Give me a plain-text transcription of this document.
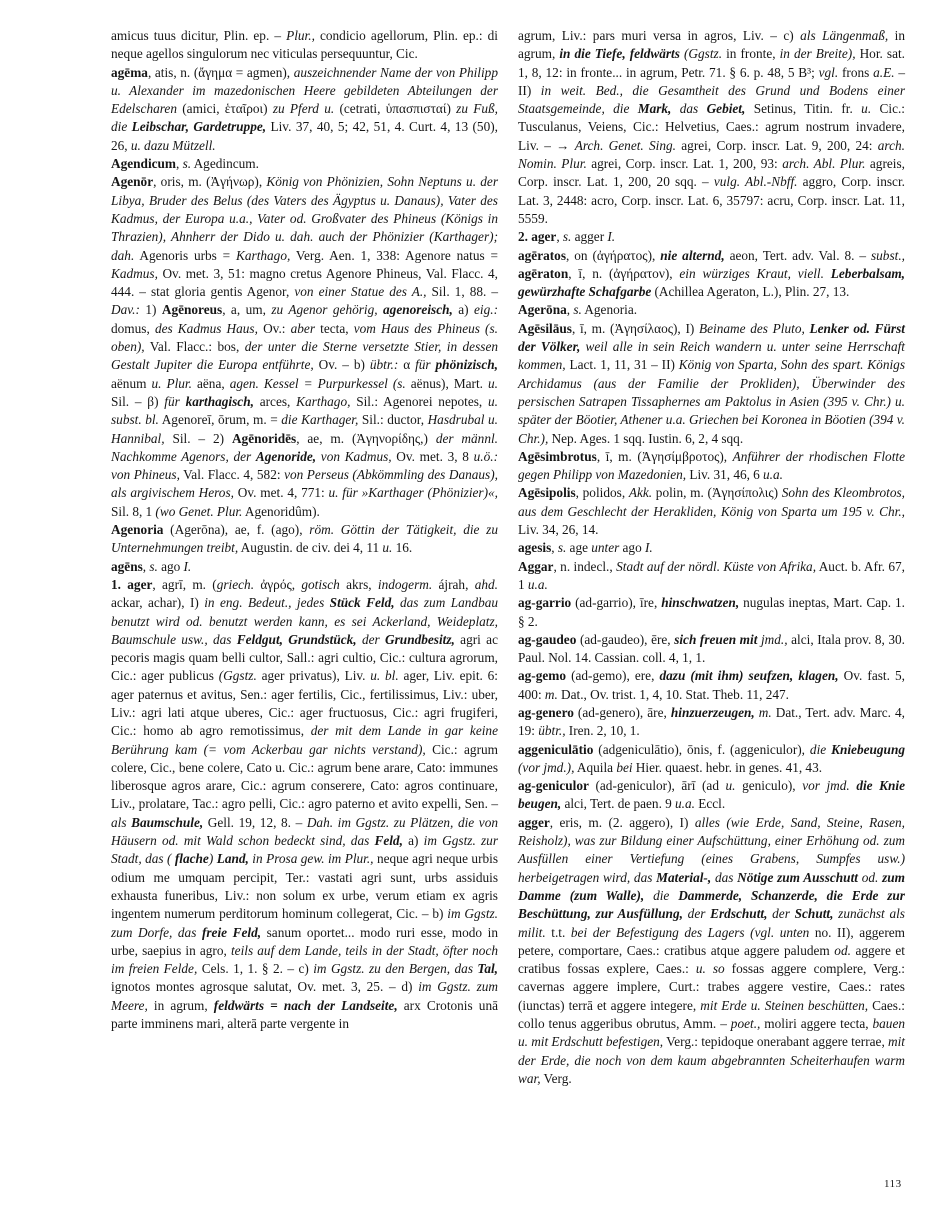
amicus tuus dicitur, Plin. ep. – Plur., condicio agellorum, Plin. ep.: di neque agellos singulorum nec viticulas persequuntur, Cic.

agēma, atis, n. (ἄγημα = agmen), auszeichnender Name der von Philipp u. Alexander im mazedonischen Heere gebildeten Abteilungen der Edelscharen (amici, ἑταῖροι) zu Pferd u. (cetrati, ὑπασπισταί) zu Fuß, die Leibschar, Gardetruppe, Liv. 37, 40, 5; 42, 51, 4. Curt. 4, 13 (50), 26, u. dazu Mützell.

Agendicum, s. Agedincum.

Agenōr, oris, m. (Ἀγήνωρ), König von Phönizien, Sohn Neptuns u. der Libya, Bruder des Belus (des Vaters des Ägyptus u. Danaus), Vater des Kadmus, der Europa u.a., Vater od. Großvater des Phineus (Königs in Thrazien), Ahnherr der Dido u. dah. auch der Phönizier (Karthager); dah. Agenoris urbs = Karthago, Verg. Aen. 1, 338: Agenore natus = Kadmus, Ov. met. 3, 51: magno cretus Agenore Phineus, Val. Flacc. 4, 444. – stat gloria gentis Agenor, von einer Statue des A., Sil. 1, 88. – Dav.: 1) Agēnoreus, a, um, zu Agenor gehörig, agenoreisch, a) eig.: domus, des Kadmus Haus, Ov.: aber tecta, vom Haus des Phineus (s. oben), Val. Flacc.: bos, der unter die Sterne versetzte Stier, in dessen Gestalt Jupiter die Europa entführte, Ov. – b) übtr.: α für phönizisch, aënum u. Plur. aëna, agen. Kessel = Purpurkessel (s. aënus), Mart. u. Sil. – β) für karthagisch, arces, Karthago, Sil.: Agenorei nepotes, u. subst. bl. Agenoreī, ōrum, m. = die Karthager, Sil.: ductor, Hasdrubal u. Hannibal, Sil. – 2) Agēnoridēs, ae, m. (Ἀγηνορίδης,) der männl. Nachkomme Agenors, der Agenoride, von Kadmus, Ov. met. 3, 8 u.ö.: von Phineus, Val. Flacc. 4, 582: von Perseus (Abkömmling des Danaus), als argivischem Heros, Ov. met. 4, 771: u. für »Karthager (Phönizier)«, Sil. 8, 1 (wo Genet. Plur. Agenoridûm).

Agenoria (Agerōna), ae, f. (ago), röm. Göttin der Tätigkeit, die zu Unternehmungen treibt, Augustin. de civ. dei 4, 11 u. 16.

agēns, s. ago I.

1. ager, agrī, m. (griech. ἀγρός, gotisch akrs, indogerm. ájrah, ahd. ackar, achar), I) in eng. Bedeut., jedes Stück Feld, das zum Landbau benutzt wird od. benutzt werden kann, es sei Ackerland, Weideplatz, Baumschule usw., das Feldgut, Grundstück, der Grundbesitz, agri ac pecoris magis quam belli cultor, Sall.: agri cultio, Cic.: cultura agrorum, Cic.: ager publicus (Ggstz. ager privatus), Liv. u. bl. ager, Liv. epit. 6: ager paternus et avitus, Sen.: ager fertilis, Cic., fertilissimus, Liv.: uber, Liv.: agri lati atque uberes, Cic.: ager fructuosus, Cic.: agri frugiferi, Cic.: homo ab agro remotissimus, der mit dem Lande in gar keine Berührung kam (= vom Ackerbau gar nichts verstand), Cic.: agrum colere, Cic., bene colere, Cato u. Cic.: agrum bene arare, Cato: immunes liberosque agros arare, Cic.: agrum conserere, Cato: agros continuare, Liv., prolatare, Tac.: agro pelli, Cic.: agro paterno et avito expelli, Sen. – als Baumschule, Gell. 19, 12, 8. – Dah. im Ggstz. zu Plätzen, die von Häusern od. mit Wald schon bedeckt sind, das Feld, a) im Ggstz. zur Stadt, das ( flache) Land, in Prosa gew. im Plur., neque agri neque urbis odium me umquam percipit, Ter.: vastati agri sunt, urbs assiduis exhausta funeribus, Liv.: non solum ex urbe, verum etiam ex agris ingentem numerum perditorum hominum collegerat, Cic. – b) im Ggstz. zum Dorfe, das freie Feld, sanum oportet... modo ruri esse, modo in urbe, saepius in agro, teils auf dem Lande, teils in der Stadt, öfter noch im freien Felde, Cels. 1, 1. § 2. – c) im Ggstz. zu den Bergen, das Tal, ignotos montes agrosque salutat, Ov. met. 3, 25. – d) im Ggstz. zum Meere, in agrum, feldwärts = nach der Landseite, arx Crotonis unā parte imminens mari, alterā parte vergente in

agrum, Liv.: pars muri versa in agros, Liv. – c) als Längenmaß, in agrum, in die Tiefe, feldwärts (Ggstz. in fronte, in der Breite), Hor. sat. 1, 8, 12: in fronte... in agrum, Petr. 71. § 6. p. 48, 5 B³; vgl. frons a.E. – II) in weit. Bed., die Gesamtheit des Grund und Bodens einer Staatsgemeinde, die Mark, das Gebiet, Setinus, Titin. fr. u. Cic.: Tusculanus, Veiens, Cic.: Helvetius, Caes.: agrum nostrum invadere, Liv. – → Arch. Genet. Sing. agrei, Corp. inscr. Lat. 9, 200, 24: arch. Nomin. Plur. agrei, Corp. inscr. Lat. 1, 200, 93: arch. Abl. Plur. agreis, Corp. inscr. Lat. 1, 200, 20 sqq. – vulg. Abl.-Nbff. aggro, Corp. inscr. Lat. 3, 2448: acro, Corp. inscr. Lat. 6, 35797: acru, Corp. inscr. Lat. 11, 5559.

2. ager, s. agger I.

agēratos, on (ἀγήρατος), nie alternd, aeon, Tert. adv. Val. 8. – subst., agēraton, ī, n. (ἀγήρατον), ein würziges Kraut, viell. Leberbalsam, gewürzhafte Schafgarbe (Achillea Ageraton, L.), Plin. 27, 13.

Agerōna, s. Agenoria.

Agēsilāus, ī, m. (Ἀγησίλαος), I) Beiname des Pluto, Lenker od. Fürst der Völker, weil alle in sein Reich wandern u. unter seine Herrschaft kommen, Lact. 1, 11, 31 – II) König von Sparta, Sohn des spart. Königs Archidamus (aus der Familie der Prokliden), Überwinder des persischen Satrapen Tissaphernes am Paktolus in Asien (395 v. Chr.) u. später der Böotier, Athener u.a. Griechen bei Koronea in Böotien (394 v. Chr.), Nep. Ages. 1 sqq. Iustin. 6, 2, 4 sqq.

Agēsimbrotus, ī, m. (Ἀγησίμβροτος), Anführer der rhodischen Flotte gegen Philipp von Mazedonien, Liv. 31, 46, 6 u.a.

Agēsipolis, polidos, Akk. polin, m. (Ἀγησίπολις) Sohn des Kleombrotos, aus dem Geschlecht der Herakliden, König von Sparta um 195 v. Chr., Liv. 34, 26, 14.

agesis, s. age unter ago I.

Aggar, n. indecl., Stadt auf der nördl. Küste von Afrika, Auct. b. Afr. 67, 1 u.a.

ag-garrio (ad-garrio), īre, hinschwatzen, nugulas ineptas, Mart. Cap. 1. § 2.

ag-gaudeo (ad-gaudeo), ēre, sich freuen mit jmd., alci, Itala prov. 8, 30. Paul. Nol. 14. Cassian. coll. 4, 1, 1.

ag-gemo (ad-gemo), ere, dazu (mit ihm) seufzen, klagen, Ov. fast. 5, 400: m. Dat., Ov. trist. 1, 4, 10. Stat. Theb. 11, 247.

ag-genero (ad-genero), āre, hinzuerzeugen, m. Dat., Tert. adv. Marc. 4, 19: übtr., Iren. 2, 10, 1.

aggeniculātio (adgeniculātio), ōnis, f. (aggeniculor), die Kniebeugung (vor jmd.), Aquila bei Hier. quaest. hebr. in genes. 41, 43.

ag-geniculor (ad-geniculor), ārī (ad u. geniculo), vor jmd. die Knie beugen, alci, Tert. de paen. 9 u.a. Eccl.

agger, eris, m. (2. aggero), I) alles (wie Erde, Sand, Steine, Rasen, Reisholz), was zur Bildung einer Aufschüttung, einer Erhöhung od. zum Ausfüllen einer Vertiefung (eines Grabens, Sumpfes usw.) herbeigetragen wird, das Material-, das Nötige zum Ausschutt od. zum Damme (zum Walle), die Dammerde, Schanzerde, die Erde zur Beschüttung, zur Ausfüllung, der Erdschutt, der Schutt, zunächst als milit. t.t. bei der Befestigung des Lagers (vgl. unten no. II), aggerem petere, comportare, Caes.: cratibus atque aggere paludem od. aggere et cratibus fossas explere, Caes.: u. so fossas aggere complere, Verg.: cavernas aggere implere, Curt.: trabes aggere vestire, Caes.: rates (iunctas) terrā et aggere integere, mit Erde u. Steinen beschütten, Caes.: collo tenus aggeribus obrutus, Amm. – poet., moliri aggere tecta, bauen u. mit Erdschutt befestigen, Verg.: tepidoque onerabant aggere terrae, mit der Erde, die noch von dem kaum abgebrannten Scheiterhaufen warm war, Verg.

113
